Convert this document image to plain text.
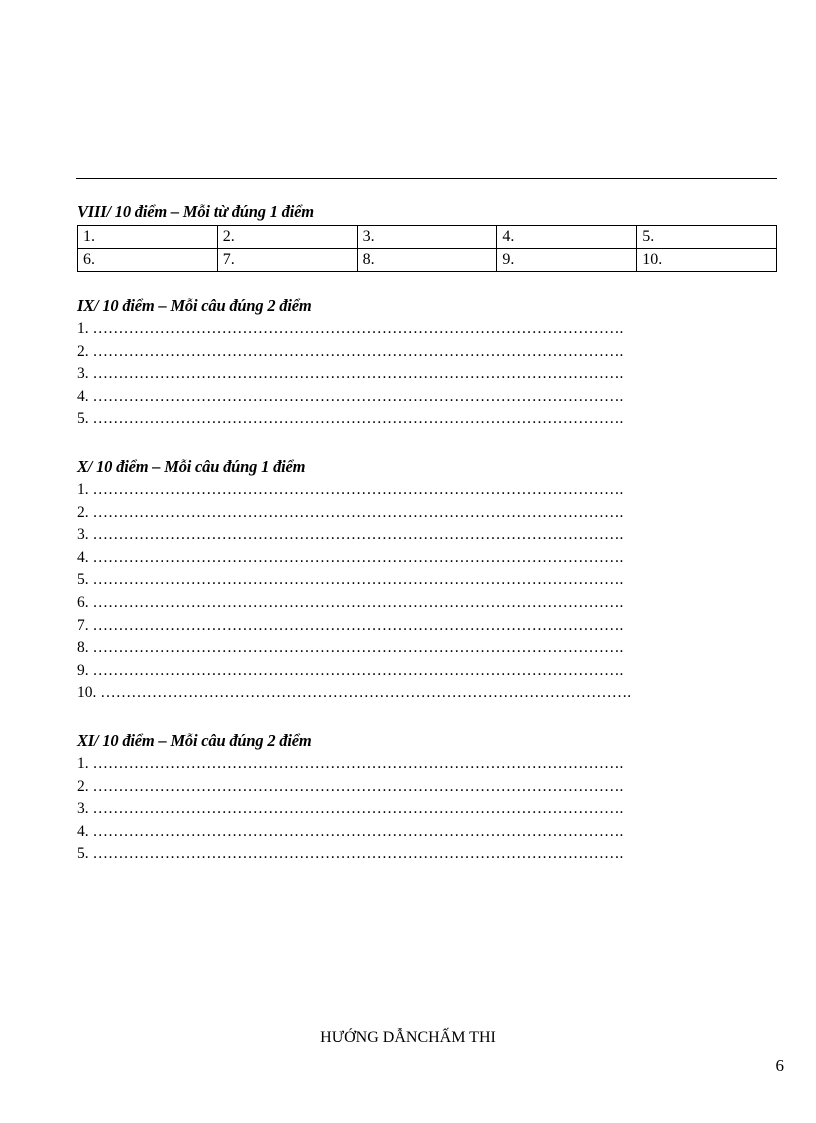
VIII/ 10 điểm – Mỗi từ đúng 1 điểm
1.	2.	3.	4.	5.
6.	7.	8.	9.	10.
IX/ 10 điểm – Mỗi câu đúng 2 điểm
1. ………………………………………………………………………………………….
2. ………………………………………………………………………………………….
3. ………………………………………………………………………………………….
4. ………………………………………………………………………………………….
5. ………………………………………………………………………………………….
X/ 10 điểm – Mỗi câu đúng 1 điểm
1. ………………………………………………………………………………………….
2. ………………………………………………………………………………………….
3. ………………………………………………………………………………………….
4. ………………………………………………………………………………………….
5. ………………………………………………………………………………………….
6. ………………………………………………………………………………………….
7. ………………………………………………………………………………………….
8. ………………………………………………………………………………………….
9. ………………………………………………………………………………………….
10. ………………………………………………………………………………………….
XI/ 10 điểm – Mỗi câu đúng 2 điểm
1. ………………………………………………………………………………………….
2. ………………………………………………………………………………………….
3. ………………………………………………………………………………………….
4. ………………………………………………………………………………………….
5. ………………………………………………………………………………………….
HƯỚNG DẪNCHẤM THI
6
